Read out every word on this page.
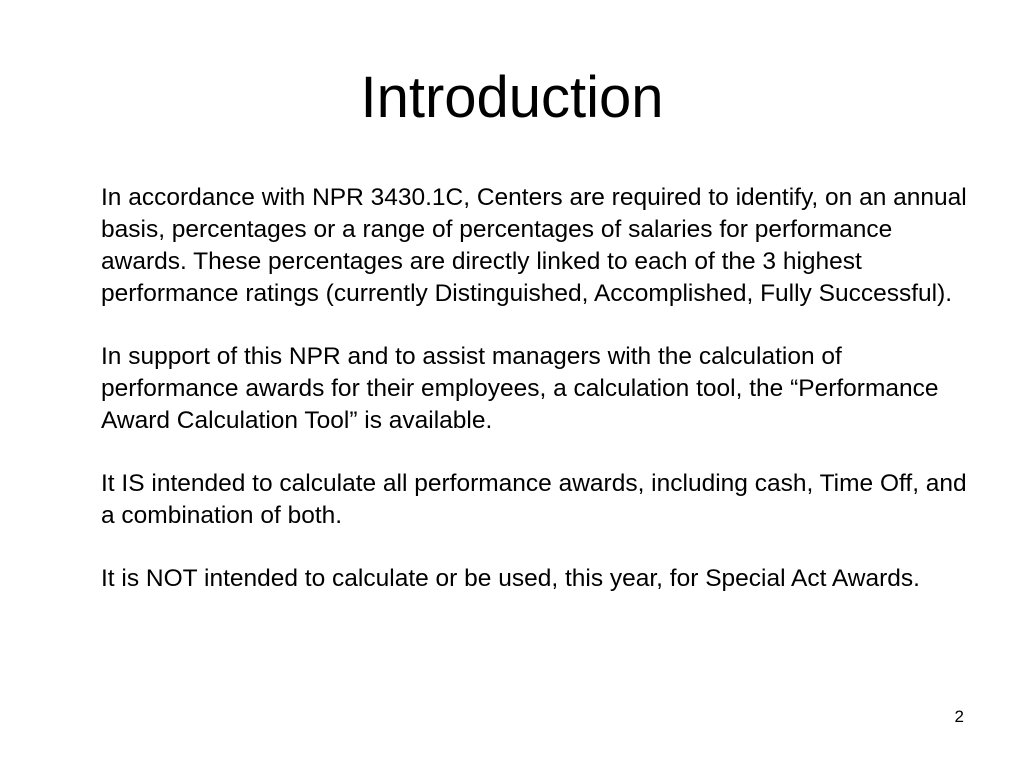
Introduction

In accordance with NPR 3430.1C, Centers are required to identify, on an annual basis, percentages or a range of percentages of salaries for performance awards. These percentages are directly linked to each of the 3 highest performance ratings (currently Distinguished, Accomplished, Fully Successful).

In support of this NPR and to assist managers with the calculation of performance awards for their employees, a calculation tool, the “Performance Award Calculation Tool” is available.

It IS intended to calculate all performance awards, including cash, Time Off, and a combination of both.

It is NOT intended to calculate or be used, this year, for Special Act Awards.

2
